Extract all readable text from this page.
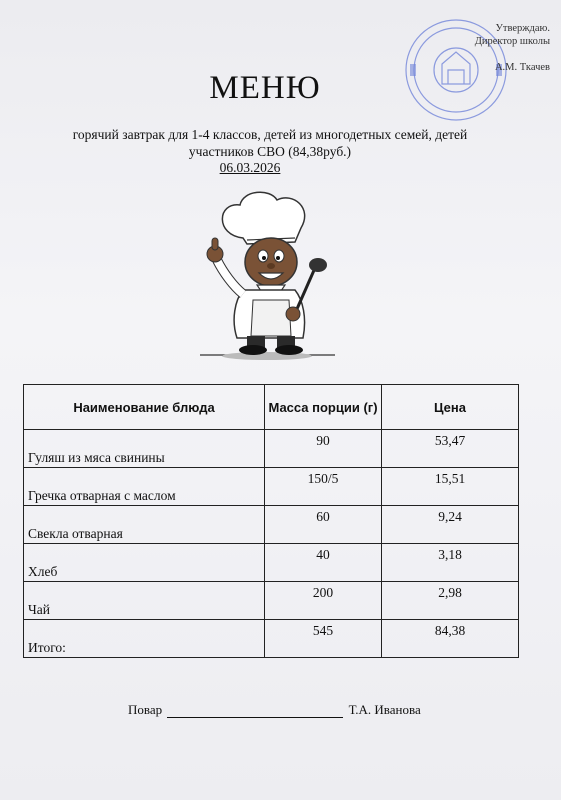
Утверждаю.
Директор школы
А.М. Ткачев
МЕНЮ
горячий завтрак для 1-4 классов, детей из многодетных семей, детей
участников СВО (84,38руб.)
06.03.2026
Наименование блюда	Масса порции (г)	Цена
Гуляш из мяса свинины	90	53,47
Гречка отварная с маслом	150/5	15,51
Свекла отварная	60	9,24
Хлеб	40	3,18
Чай	200	2,98
Итого:	545	84,38
Повар	Т.А. Иванова
